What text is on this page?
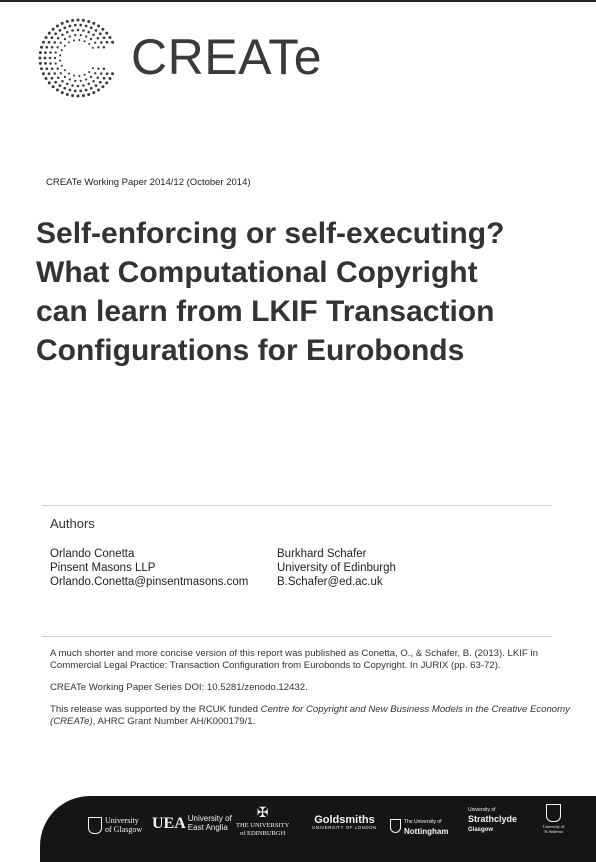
CREATe
CREATe Working Paper 2014/12 (October 2014)
Self-enforcing or self-executing?
What Computational Copyright
can learn from LKIF Transaction
Configurations for Eurobonds
Authors
Orlando Conetta
Pinsent Masons LLP
Orlando.Conetta@pinsentmasons.com
Burkhard Schafer
University of Edinburgh
B.Schafer@ed.ac.uk

A much shorter and more concise version of this report was published as Conetta, O., & Schafer, B. (2013). LKIF in Commercial Legal Practice: Transaction Configuration from Eurobonds to Copyright. In JURIX (pp. 63-72).

CREATe Working Paper Series DOI: 10.5281/zenodo.12432.

This release was supported by the RCUK funded Centre for Copyright and New Business Models in the Creative Economy (CREATe), AHRC Grant Number AH/K000179/1.

University
of Glasgow UEA University of
East Anglia
✠
THE UNIVERSITY
of EDINBURGH
Goldsmiths
UNIVERSITY OF LONDON
The University of
Nottingham
University of
Strathclyde
Glasgow

University of
St Andrews
